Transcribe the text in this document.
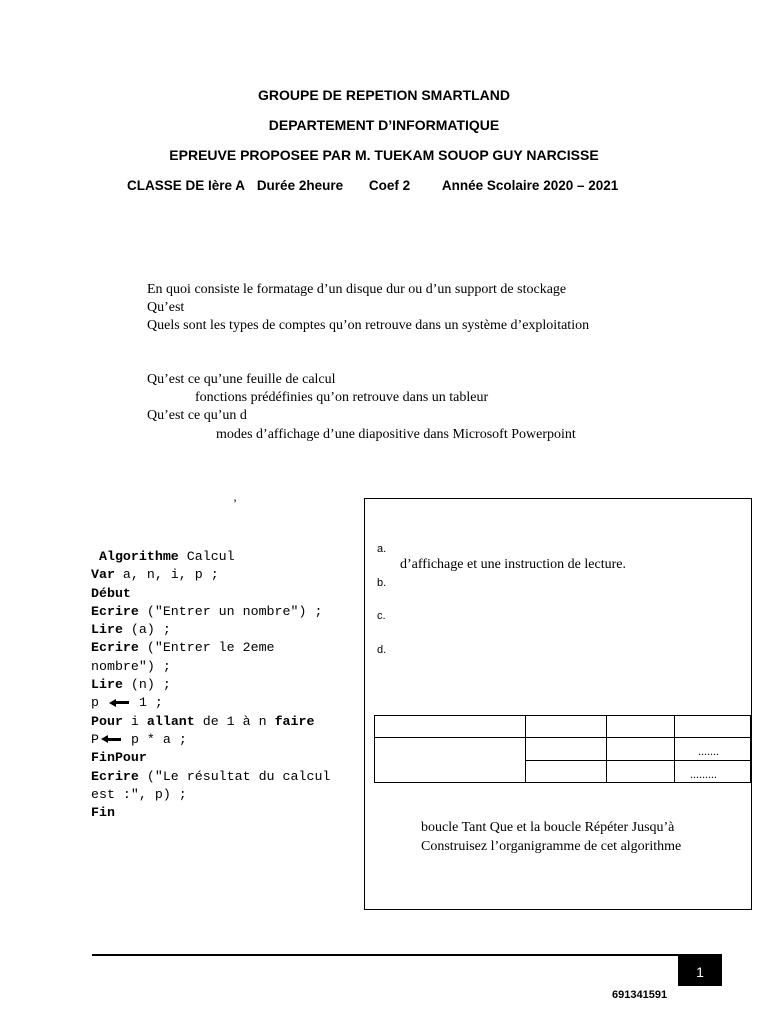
GROUPE DE REPETION SMARTLAND
DEPARTEMENT D’INFORMATIQUE
EPREUVE PROPOSEE PAR M. TUEKAM SOUOP GUY NARCISSE
CLASSE DE Ière A Durée 2heure Coef 2 Année Scolaire 2020 – 2021
En quoi consiste le formatage d’un disque dur ou d’un support de stockage
Qu’est
Quels sont les types de comptes qu’on retrouve dans un système d’exploitation
Qu’est ce qu’une feuille de calcul
fonctions prédéfinies qu’on retrouve dans un tableur
Qu’est ce qu’un d
modes d’affichage d’une diapositive dans Microsoft Powerpoint
’
Algorithme Calcul
Var a, n, i, p ;
Début
Ecrire ("Entrer un nombre") ;
Lire (a) ;
Ecrire ("Entrer le 2eme
nombre") ;
Lire (n) ;
p  1 ;
Pour i allant de 1 à n faire
P p * a ;
FinPour
Ecrire ("Le résultat du calcul
est :", p) ;
Fin
a.
d’affichage et une instruction de lecture.
b.
c.
d.
.......
.........
boucle Tant Que et la boucle Répéter Jusqu’à
Construisez l’organigramme de cet algorithme
1
691341591
